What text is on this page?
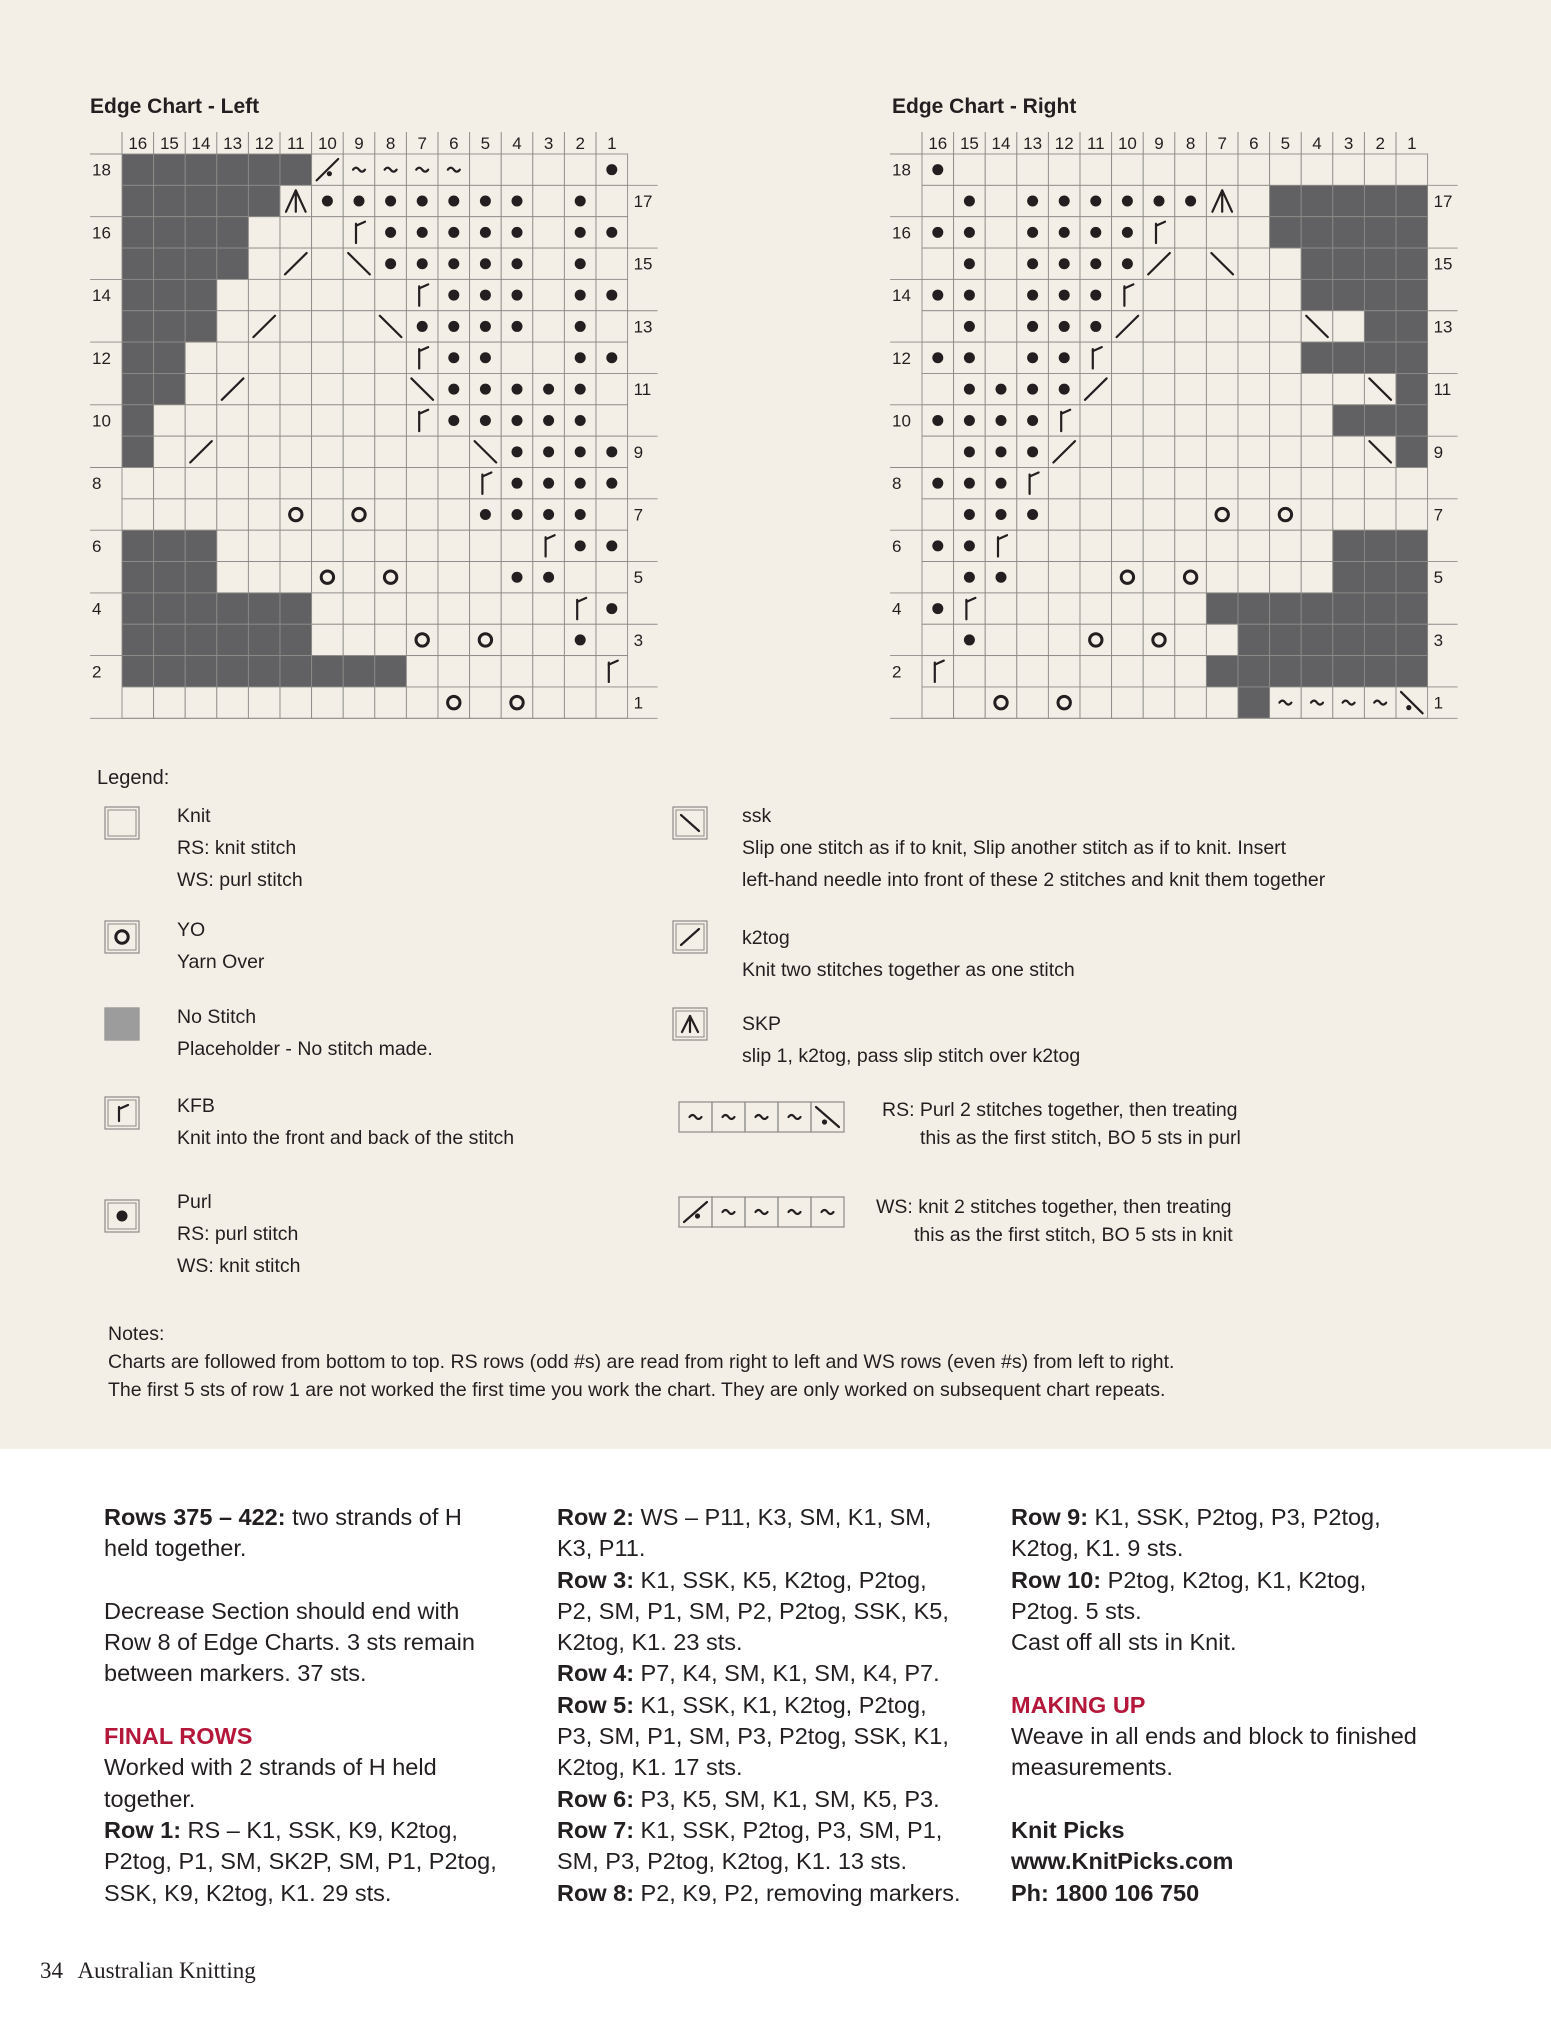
Edge Chart - Left	Edge Chart - Right
16 15 14 13 12 11 10 9 8 7 6 5 4 3 2 1
18
17
16
15
14
13
12
11
10
9
8
7
6
5
4
3
2
1
16 15 14 13 12 11 10 9 8 7 6 5 4 3 2 1
18
17
16
15
14
13
12
11
10
9
8
7
6
5
4
3
2
1
Legend:
Knit
RS: knit stitch
WS: purl stitch
YO
Yarn Over
No Stitch
Placeholder - No stitch made.
KFB
Knit into the front and back of the stitch
Purl
RS: purl stitch
WS: knit stitch
ssk
Slip one stitch as if to knit, Slip another stitch as if to knit. Insert
left-hand needle into front of these 2 stitches and knit them together
k2tog
Knit two stitches together as one stitch
SKP
slip 1, k2tog, pass slip stitch over k2tog
RS: Purl 2 stitches together, then treating
this as the first stitch, BO 5 sts in purl
WS: knit 2 stitches together, then treating
this as the first stitch, BO 5 sts in knit
Notes:
Charts are followed from bottom to top. RS rows (odd #s) are read from right to left and WS rows (even #s) from left to right.
The first 5 sts of row 1 are not worked the first time you work the chart. They are only worked on subsequent chart repeats.

Rows 375 – 422: two strands of H

held together.

Decrease Section should end with

Row 8 of Edge Charts. 3 sts remain

between markers. 37 sts.

FINAL ROWS

Worked with 2 strands of H held

together.

Row 1: RS – K1, SSK, K9, K2tog,

P2tog, P1, SM, SK2P, SM, P1, P2tog,

SSK, K9, K2tog, K1. 29 sts.

Row 2: WS – P11, K3, SM, K1, SM,

K3, P11.

Row 3: K1, SSK, K5, K2tog, P2tog,

P2, SM, P1, SM, P2, P2tog, SSK, K5,

K2tog, K1. 23 sts.

Row 4: P7, K4, SM, K1, SM, K4, P7.

Row 5: K1, SSK, K1, K2tog, P2tog,

P3, SM, P1, SM, P3, P2tog, SSK, K1,

K2tog, K1. 17 sts.

Row 6: P3, K5, SM, K1, SM, K5, P3.

Row 7: K1, SSK, P2tog, P3, SM, P1,

SM, P3, P2tog, K2tog, K1. 13 sts.

Row 8: P2, K9, P2, removing markers.

Row 9: K1, SSK, P2tog, P3, P2tog,

K2tog, K1. 9 sts.

Row 10: P2tog, K2tog, K1, K2tog,

P2tog. 5 sts.

Cast off all sts in Knit.

MAKING UP

Weave in all ends and block to finished

measurements.

Knit Picks

www.KnitPicks.com

Ph: 1800 106 750

34 Australian Knitting
